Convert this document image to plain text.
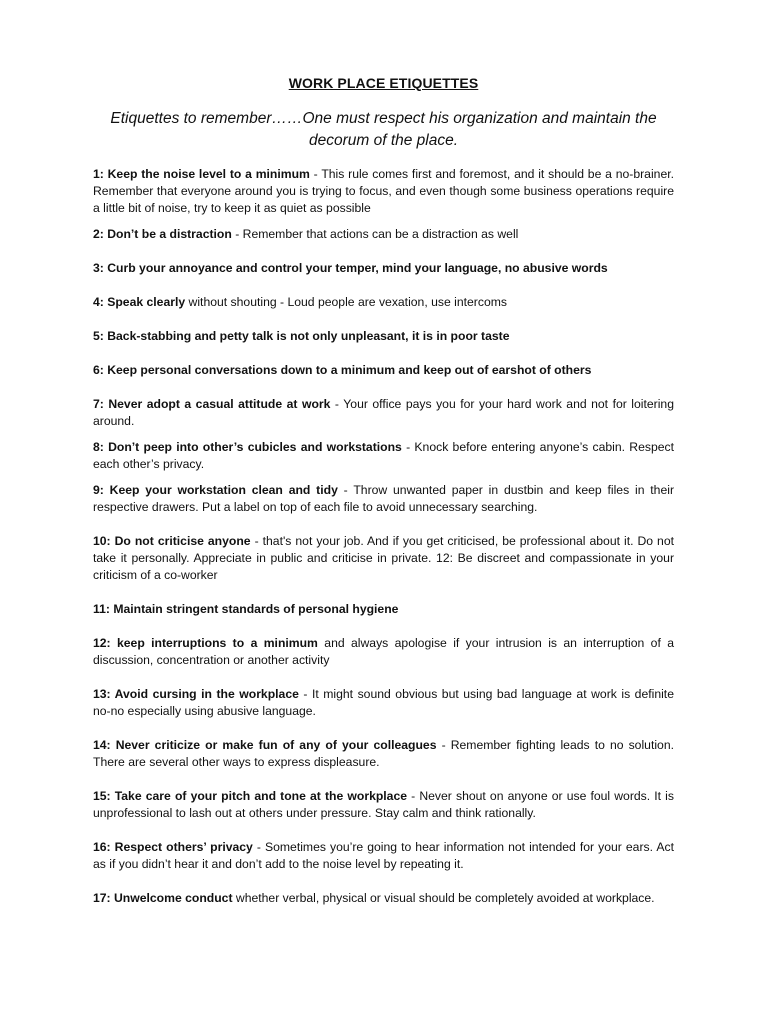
WORK PLACE ETIQUETTES
Etiquettes to remember……One must respect his organization and maintain the decorum of the place.

1: Keep the noise level to a minimum - This rule comes first and foremost, and it should be a no-brainer. Remember that everyone around you is trying to focus, and even though some business operations require a little bit of noise, try to keep it as quiet as possible

2: Don’t be a distraction - Remember that actions can be a distraction as well

3: Curb your annoyance and control your temper, mind your language, no abusive words

4: Speak clearly without shouting - Loud people are vexation, use intercoms

5: Back-stabbing and petty talk is not only unpleasant, it is in poor taste

6: Keep personal conversations down to a minimum and keep out of earshot of others

7: Never adopt a casual attitude at work - Your office pays you for your hard work and not for loitering around.

8: Don’t peep into other’s cubicles and workstations - Knock before entering anyone’s cabin. Respect each other’s privacy.

9: Keep your workstation clean and tidy - Throw unwanted paper in dustbin and keep files in their respective drawers. Put a label on top of each file to avoid unnecessary searching.

10: Do not criticise anyone - that's not your job. And if you get criticised, be professional about it. Do not take it personally. Appreciate in public and criticise in private. 12: Be discreet and compassionate in your criticism of a co-worker

11: Maintain stringent standards of personal hygiene

12: keep interruptions to a minimum and always apologise if your intrusion is an interruption of a discussion, concentration or another activity

13: Avoid cursing in the workplace - It might sound obvious but using bad language at work is definite no-no especially using abusive language.

14: Never criticize or make fun of any of your colleagues - Remember fighting leads to no solution. There are several other ways to express displeasure.

15: Take care of your pitch and tone at the workplace - Never shout on anyone or use foul words. It is unprofessional to lash out at others under pressure. Stay calm and think rationally.

16: Respect others’ privacy - Sometimes you’re going to hear information not intended for your ears. Act as if you didn’t hear it and don’t add to the noise level by repeating it.

17: Unwelcome conduct whether verbal, physical or visual should be completely avoided at workplace.
